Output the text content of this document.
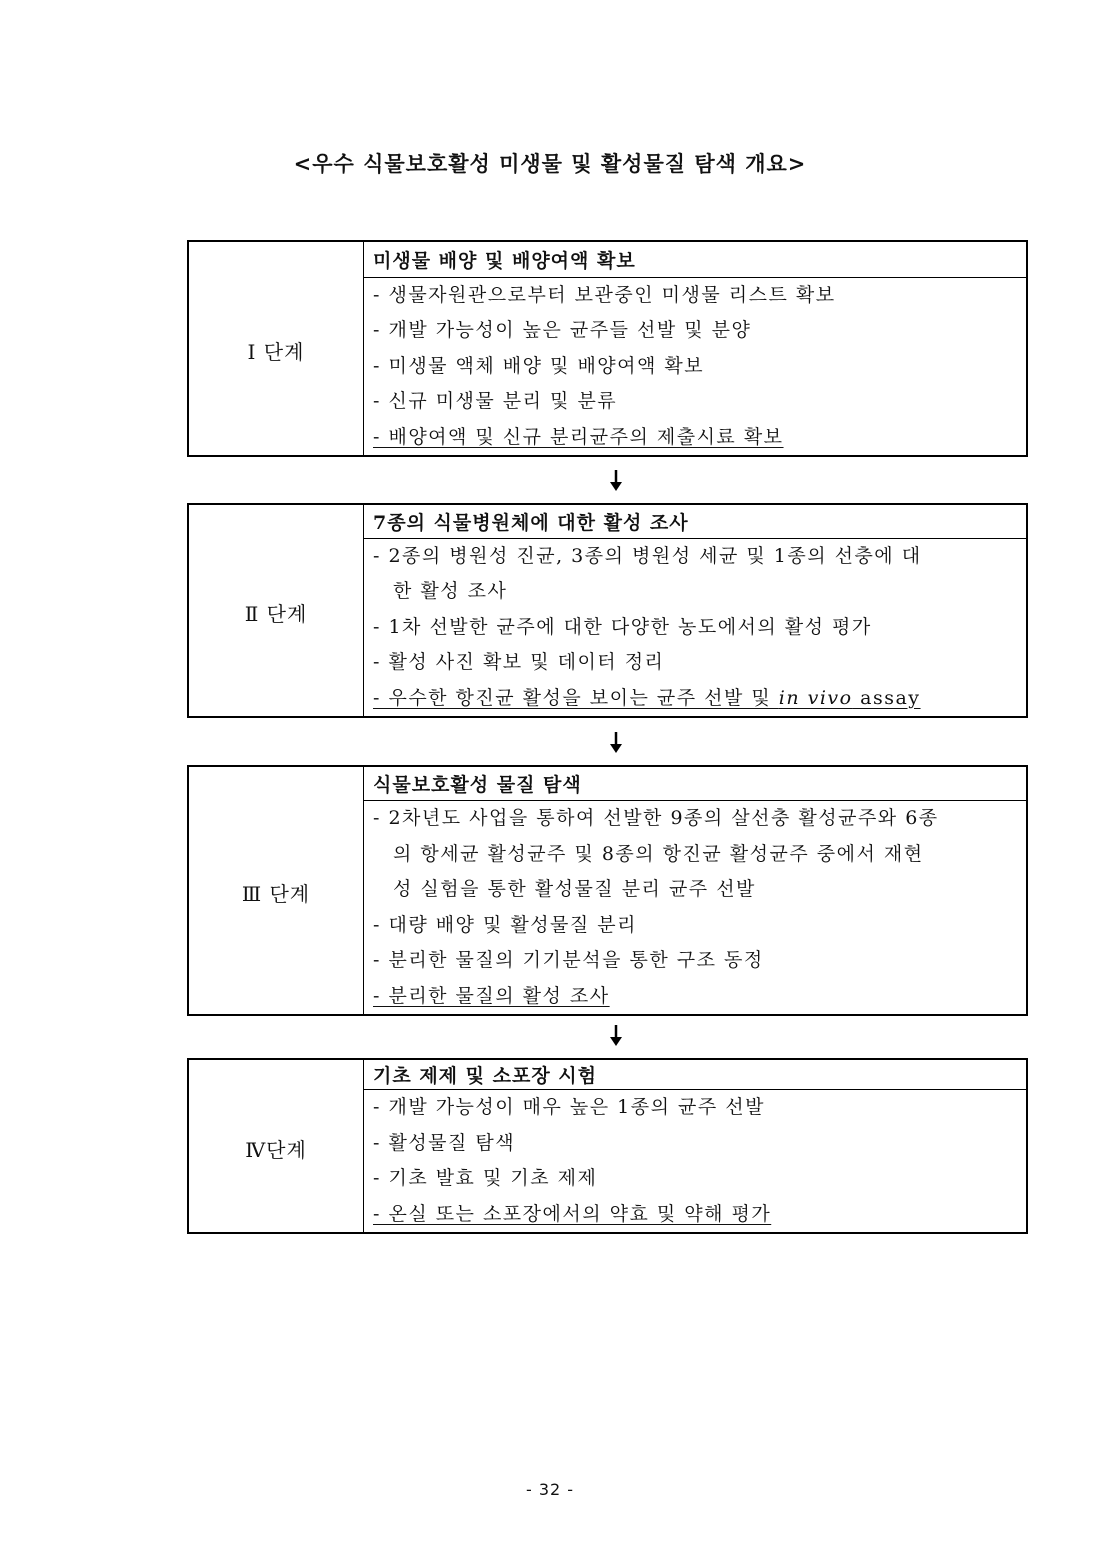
<우수 식물보호활성 미생물 및 활성물질 탐색 개요>
Ⅰ 단계
미생물 배양 및 배양여액 확보
- 생물자원관으로부터 보관중인 미생물 리스트 확보
- 개발 가능성이 높은 균주들 선발 및 분양
- 미생물 액체 배양 및 배양여액 확보
- 신규 미생물 분리 및 분류
- 배양여액 및 신규 분리균주의 제출시료 확보
Ⅱ 단계
7종의 식물병원체에 대한 활성 조사
- 2종의 병원성 진균, 3종의 병원성 세균 및 1종의 선충에 대
한 활성 조사
- 1차 선발한 균주에 대한 다양한 농도에서의 활성 평가
- 활성 사진 확보 및 데이터 정리
- 우수한 항진균 활성을 보이는 균주 선발 및 in vivo assay
Ⅲ 단계
식물보호활성 물질 탐색
- 2차년도 사업을 통하여 선발한 9종의 살선충 활성균주와 6종
의 항세균 활성균주 및 8종의 항진균 활성균주 중에서 재현
성 실험을 통한 활성물질 분리 균주 선발
- 대량 배양 및 활성물질 분리
- 분리한 물질의 기기분석을 통한 구조 동정
- 분리한 물질의 활성 조사
Ⅳ단계
기초 제제 및 소포장 시험
- 개발 가능성이 매우 높은 1종의 균주 선발
- 활성물질 탐색
- 기초 발효 및 기초 제제
- 온실 또는 소포장에서의 약효 및 약해 평가
- 32 -
